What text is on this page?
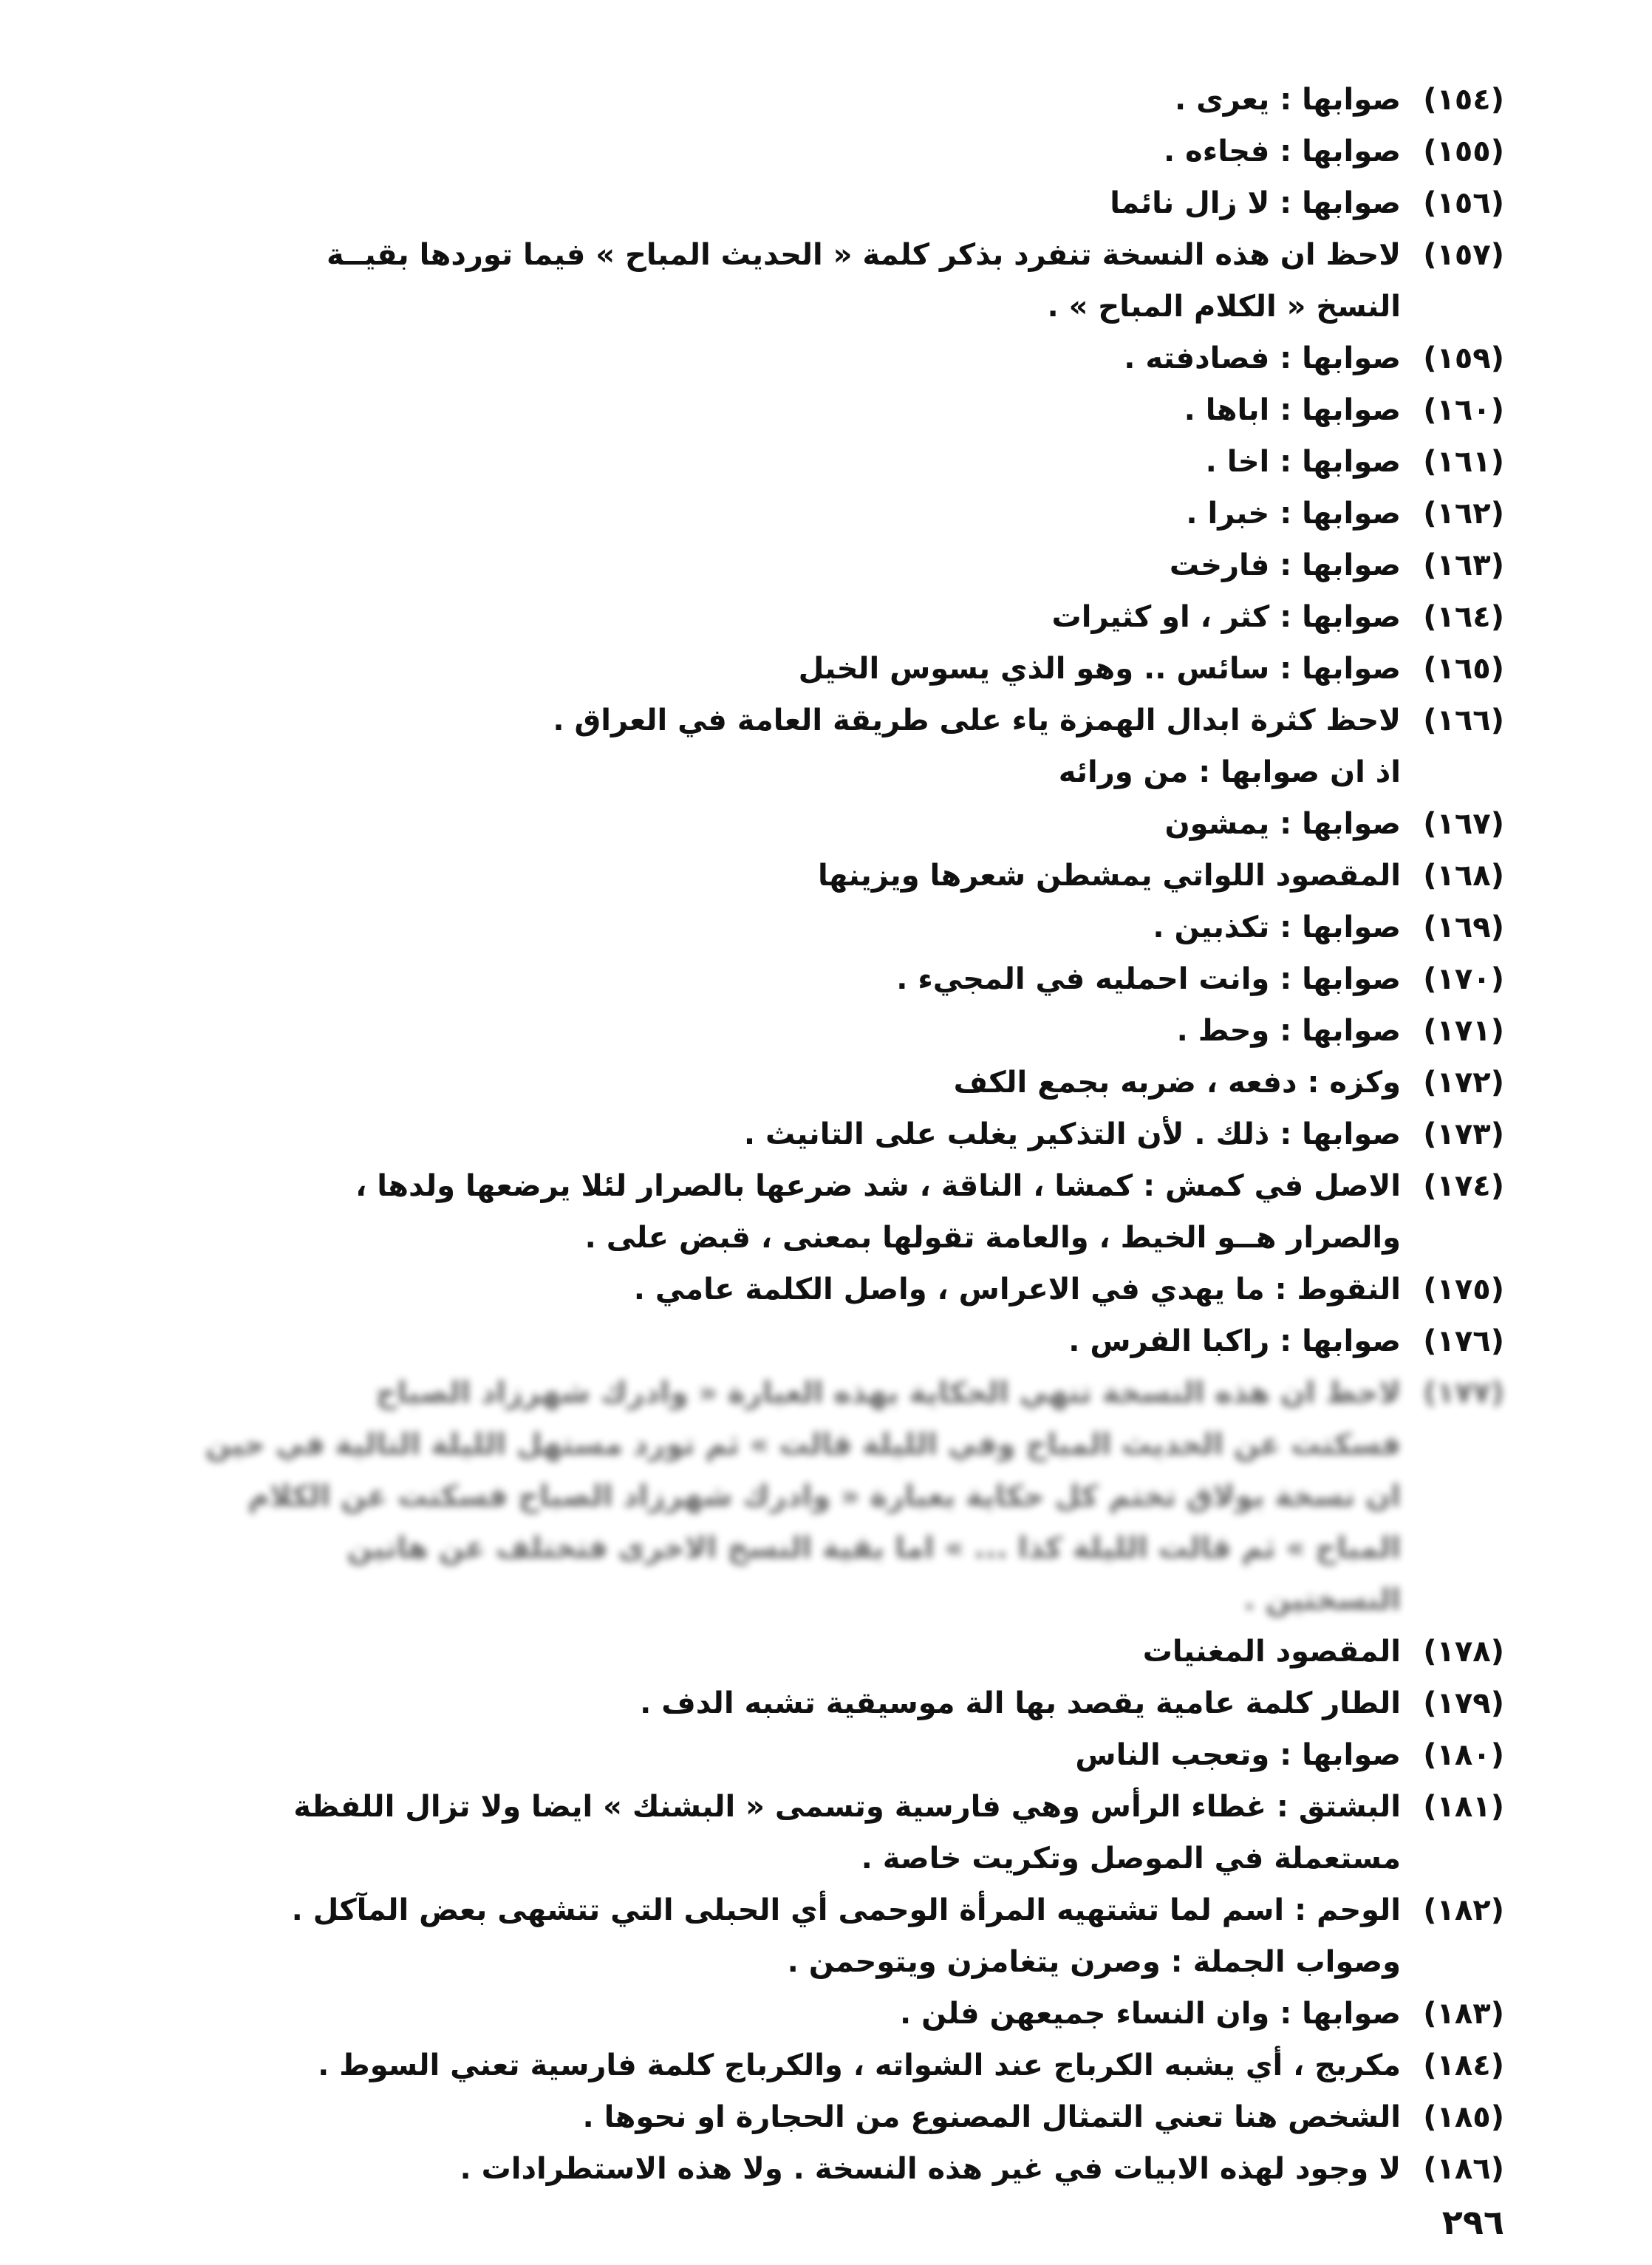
(١٥٤)
صوابها : يعرى .
(١٥٥)
صوابها : فجاءه .
(١٥٦)
صوابها : لا زال نائما
(١٥٧)
لاحظ ان هذه النسخة تنفرد بذكر كلمة « الحديث المباح » فيما توردها بقيــة
النسخ « الكلام المباح » .
(١٥٩)
صوابها : فصادفته .
(١٦٠)
صوابها : اباها .
(١٦١)
صوابها : اخا .
(١٦٢)
صوابها : خبرا .
(١٦٣)
صوابها : فارخت
(١٦٤)
صوابها : كثر ، او كثيرات
(١٦٥)
صوابها : سائس .. وهو الذي يسوس الخيل
(١٦٦)
لاحظ كثرة ابدال الهمزة ياء على طريقة العامة في العراق .
اذ ان صوابها : من ورائه
(١٦٧)
صوابها : يمشون
(١٦٨)
المقصود اللواتي يمشطن شعرها ويزينها
(١٦٩)
صوابها : تكذبين .
(١٧٠)
صوابها : وانت احمليه في المجيء .
(١٧١)
صوابها : وحط .
(١٧٢)
وكزه : دفعه ، ضربه بجمع الكف
(١٧٣)
صوابها : ذلك . لأن التذكير يغلب على التانيث .
(١٧٤)
الاصل في كمش : كمشا ، الناقة ، شد ضرعها بالصرار لئلا يرضعها ولدها ،
والصرار هــو الخيط ، والعامة تقولها بمعنى ، قبض على .
(١٧٥)
النقوط : ما يهدي في الاعراس ، واصل الكلمة عامي .
(١٧٦)
صوابها : راكبا الفرس .
(١٧٧)
لاحظ ان هذه النسخة تنهي الحكاية بهذه العبارة « وادرك شهرزاد الصباح
فسكتت عن الحديث المباح وفي الليلة قالت » ثم تورد مستهل الليلة التالية في حين
ان نسخة بولاق تختم كل حكاية بعبارة « وادرك شهرزاد الصباح فسكتت عن الكلام
المباح » ثم قالت الليلة كذا ... » اما بقية النسخ الاخرى فتختلف عن هاتين
النسختين .
(١٧٨)
المقصود المغنيات
(١٧٩)
الطار كلمة عامية يقصد بها الة موسيقية تشبه الدف .
(١٨٠)
صوابها : وتعجب الناس
(١٨١)
البشتق : غطاء الرأس وهي فارسية وتسمى « البشنك » ايضا ولا تزال اللفظة
مستعملة في الموصل وتكريت خاصة .
(١٨٢)
الوحم : اسم لما تشتهيه المرأة الوحمى أي الحبلى التي تتشهى بعض المآكل .
وصواب الجملة : وصرن يتغامزن ويتوحمن .
(١٨٣)
صوابها : وان النساء جميعهن فلن .
(١٨٤)
مكربج ، أي يشبه الكرباج عند الشواته ، والكرباج كلمة فارسية تعني السوط .
(١٨٥)
الشخص هنا تعني التمثال المصنوع من الحجارة او نحوها .
(١٨٦)
لا وجود لهذه الابيات في غير هذه النسخة . ولا هذه الاستطرادات .
٢٩٦
